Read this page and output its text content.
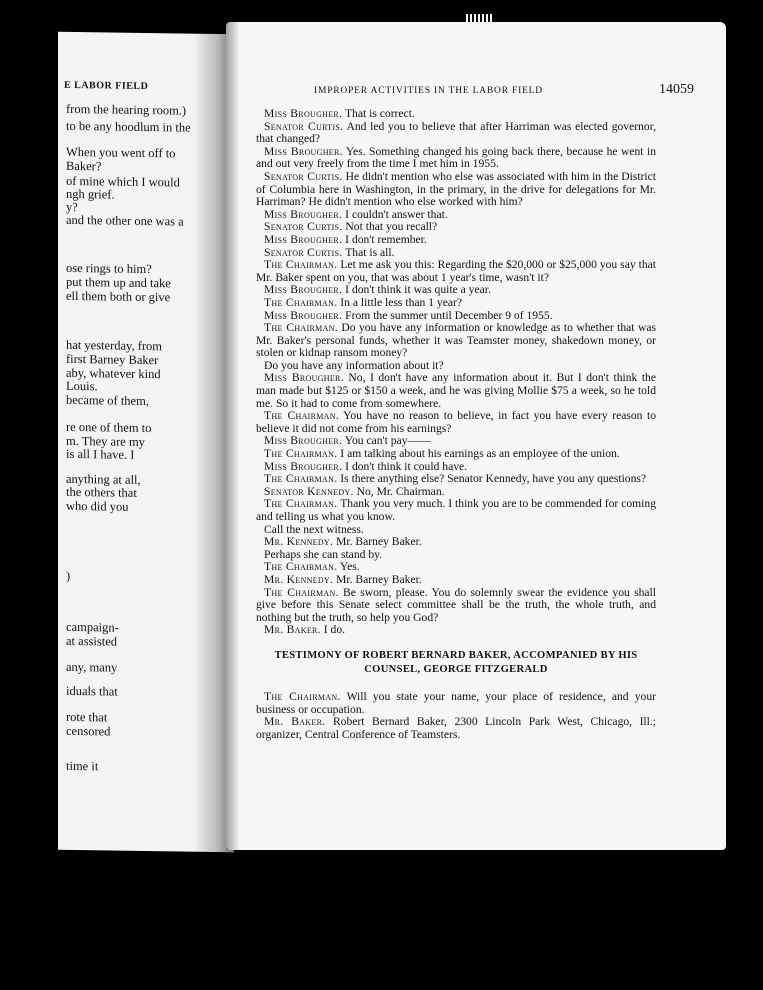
E LABOR FIELD
from the hearing room.)
to be any hoodlum in the
When you went off to
Baker?
of mine which I would
ngh grief.
y?
and the other one was a
ose rings to him?
put them up and take
ell them both or give
hat yesterday, from
first Barney Baker
aby, whatever kind
Louis.
became of them,
re one of them to
m. They are my
is all I have. I
anything at all,
the others that
who did you
)
campaign-
at assisted
any, many
iduals that
rote that
censored
time it
IMPROPER ACTIVITIES IN THE LABOR FIELD	14059

Miss Brougher. That is correct.

Senator Curtis. And led you to believe that after Harriman was elected governor, that changed?

Miss Brougher. Yes. Something changed his going back there, because he went in and out very freely from the time I met him in 1955.

Senator Curtis. He didn't mention who else was associated with him in the District of Columbia here in Washington, in the primary, in the drive for delegations for Mr. Harriman? He didn't mention who else worked with him?

Miss Brougher. I couldn't answer that.

Senator Curtis. Not that you recall?

Miss Brougher. I don't remember.

Senator Curtis. That is all.

The Chairman. Let me ask you this: Regarding the $20,000 or $25,000 you say that Mr. Baker spent on you, that was about 1 year's time, wasn't it?

Miss Brougher. I don't think it was quite a year.

The Chairman. In a little less than 1 year?

Miss Brougher. From the summer until December 9 of 1955.

The Chairman. Do you have any information or knowledge as to whether that was Mr. Baker's personal funds, whether it was Teamster money, shakedown money, or stolen or kidnap ransom money?

Do you have any information about it?

Miss Brougher. No, I don't have any information about it. But I don't think the man made but $125 or $150 a week, and he was giving Mollie $75 a week, so he told me. So it had to come from somewhere.

The Chairman. You have no reason to believe, in fact you have every reason to believe it did not come from his earnings?

Miss Brougher. You can't pay——

The Chairman. I am talking about his earnings as an employee of the union.

Miss Brougher. I don't think it could have.

The Chairman. Is there anything else? Senator Kennedy, have you any questions?

Senator Kennedy. No, Mr. Chairman.

The Chairman. Thank you very much. I think you are to be commended for coming and telling us what you know.

Call the next witness.

Mr. Kennedy. Mr. Barney Baker.

Perhaps she can stand by.

The Chairman. Yes.

Mr. Kennedy. Mr. Barney Baker.

The Chairman. Be sworn, please. You do solemnly swear the evidence you shall give before this Senate select committee shall be the truth, the whole truth, and nothing but the truth, so help you God?

Mr. Baker. I do.

TESTIMONY OF ROBERT BERNARD BAKER, ACCOMPANIED BY HIS
COUNSEL, GEORGE FITZGERALD

The Chairman. Will you state your name, your place of residence, and your business or occupation.

Mr. Baker. Robert Bernard Baker, 2300 Lincoln Park West, Chicago, Ill.; organizer, Central Conference of Teamsters.
